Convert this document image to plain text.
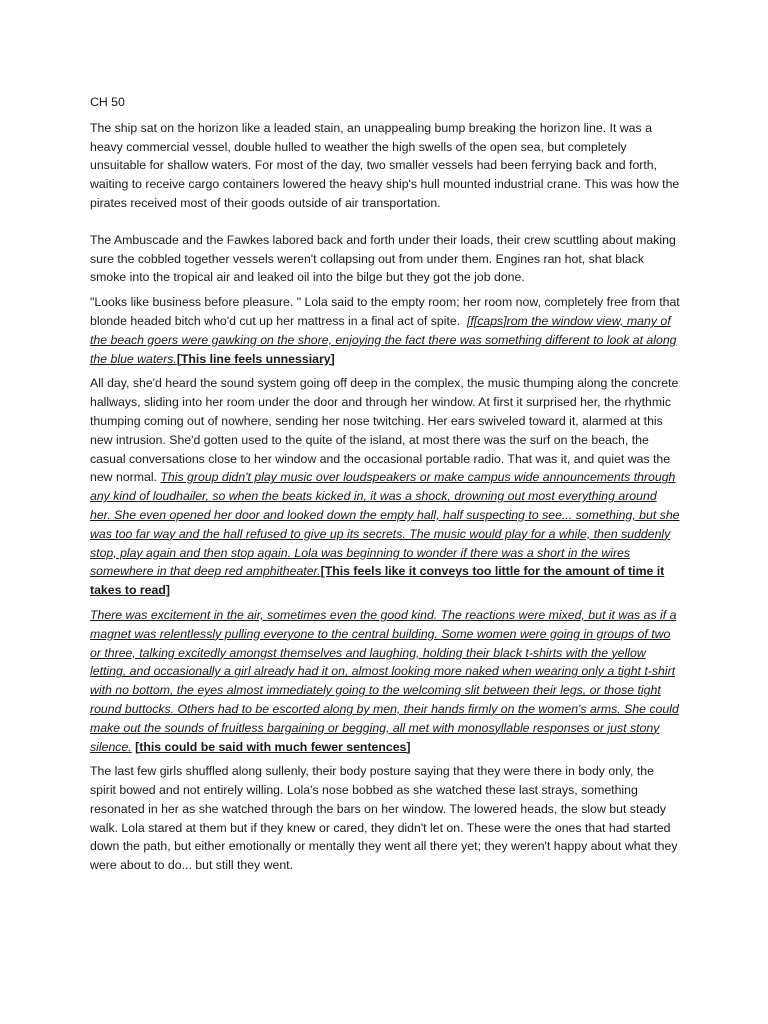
CH 50

The ship sat on the horizon like a leaded stain, an unappealing bump breaking the horizon line. It was a heavy commercial vessel, double hulled to weather the high swells of the open sea, but completely unsuitable for shallow waters. For most of the day, two smaller vessels had been ferrying back and forth, waiting to receive cargo containers lowered the heavy ship's hull mounted industrial crane. This was how the pirates received most of their goods outside of air transportation.

The Ambuscade and the Fawkes labored back and forth under their loads, their crew scuttling about making sure the cobbled together vessels weren't collapsing out from under them. Engines ran hot, shat black smoke into the tropical air and leaked oil into the bilge but they got the job done.

"Looks like business before pleasure. " Lola said to the empty room; her room now, completely free from that blonde headed bitch who'd cut up her mattress in a final act of spite. [f[caps]rom the window view, many of the beach goers were gawking on the shore, enjoying the fact there was something different to look at along the blue waters.[This line feels unnessiary]

All day, she'd heard the sound system going off deep in the complex, the music thumping along the concrete hallways, sliding into her room under the door and through her window. At first it surprised her, the rhythmic thumping coming out of nowhere, sending her nose twitching. Her ears swiveled toward it, alarmed at this new intrusion. She'd gotten used to the quite of the island, at most there was the surf on the beach, the casual conversations close to her window and the occasional portable radio. That was it, and quiet was the new normal. This group didn't play music over loudspeakers or make campus wide announcements through any kind of loudhailer, so when the beats kicked in, it was a shock, drowning out most everything around her. She even opened her door and looked down the empty hall, half suspecting to see... something, but she was too far way and the hall refused to give up its secrets. The music would play for a while, then suddenly stop, play again and then stop again. Lola was beginning to wonder if there was a short in the wires somewhere in that deep red amphitheater.[This feels like it conveys too little for the amount of time it takes to read]

There was excitement in the air, sometimes even the good kind. The reactions were mixed, but it was as if a magnet was relentlessly pulling everyone to the central building. Some women were going in groups of two or three, talking excitedly amongst themselves and laughing, holding their black t-shirts with the yellow letting, and occasionally a girl already had it on, almost looking more naked when wearing only a tight t-shirt with no bottom, the eyes almost immediately going to the welcoming slit between their legs, or those tight round buttocks. Others had to be escorted along by men, their hands firmly on the women's arms. She could make out the sounds of fruitless bargaining or begging, all met with monosyllable responses or just stony silence. [this could be said with much fewer sentences]

The last few girls shuffled along sullenly, their body posture saying that they were there in body only, the spirit bowed and not entirely willing. Lola's nose bobbed as she watched these last strays, something resonated in her as she watched through the bars on her window. The lowered heads, the slow but steady walk. Lola stared at them but if they knew or cared, they didn't let on. These were the ones that had started down the path, but either emotionally or mentally they went all there yet; they weren't happy about what they were about to do... but still they went.
